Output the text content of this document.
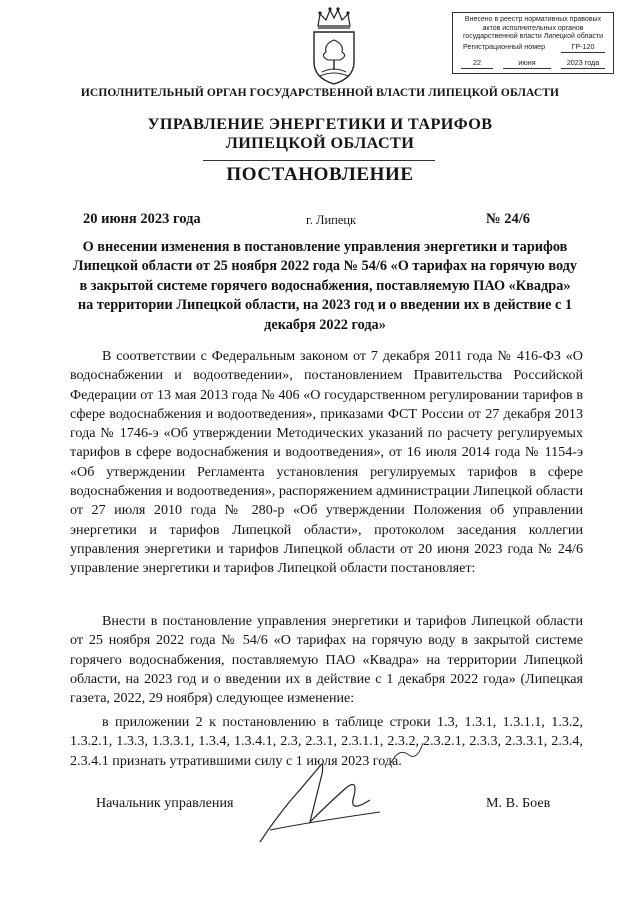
Внесено в реестр нормативных правовых
актов исполнительных органов
государственной власти Липецкой области
Регистрационный номер	ГР-120
22	июня	2023 года
ИСПОЛНИТЕЛЬНЫЙ ОРГАН ГОСУДАРСТВЕННОЙ ВЛАСТИ ЛИПЕЦКОЙ ОБЛАСТИ
УПРАВЛЕНИЕ ЭНЕРГЕТИКИ И ТАРИФОВ
ЛИПЕЦКОЙ ОБЛАСТИ
ПОСТАНОВЛЕНИЕ
20 июня 2023 года	г. Липецк	№ 24/6
О внесении изменения в постановление управления энергетики и тарифов Липецкой области от 25 ноября 2022 года № 54/6 «О тарифах на горячую воду в закрытой системе горячего водоснабжения, поставляемую ПАО «Квадра» на территории Липецкой области, на 2023 год и о введении их в действие с 1 декабря 2022 года»
В соответствии с Федеральным законом от 7 декабря 2011 года № 416-ФЗ «О водоснабжении и водоотведении», постановлением Правительства Российской Федерации от 13 мая 2013 года № 406 «О государственном регулировании тарифов в сфере водоснабжения и водоотведения», приказами ФСТ России от 27 декабря 2013 года № 1746-э «Об утверждении Методических указаний по расчету регулируемых тарифов в сфере водоснабжения и водоотведения», от 16 июля 2014 года № 1154-э «Об утверждении Регламента установления регулируемых тарифов в сфере водоснабжения и водоотведения», распоряжением администрации Липецкой области от 27 июля 2010 года № 280-р «Об утверждении Положения об управлении энергетики и тарифов Липецкой области», протоколом заседания коллегии управления энергетики и тарифов Липецкой области от 20 июня 2023 года № 24/6 управление энергетики и тарифов Липецкой области постановляет:
Внести в постановление управления энергетики и тарифов Липецкой области от 25 ноября 2022 года № 54/6 «О тарифах на горячую воду в закрытой системе горячего водоснабжения, поставляемую ПАО «Квадра» на территории Липецкой области, на 2023 год и о введении их в действие с 1 декабря 2022 года» (Липецкая газета, 2022, 29 ноября) следующее изменение:
в приложении 2 к постановлению в таблице строки 1.3, 1.3.1, 1.3.1.1, 1.3.2, 1.3.2.1, 1.3.3, 1.3.3.1, 1.3.4, 1.3.4.1, 2.3, 2.3.1, 2.3.1.1, 2.3.2, 2.3.2.1, 2.3.3, 2.3.3.1, 2.3.4, 2.3.4.1 признать утратившими силу с 1 июля 2023 года.
Начальник управления	М. В. Боев
